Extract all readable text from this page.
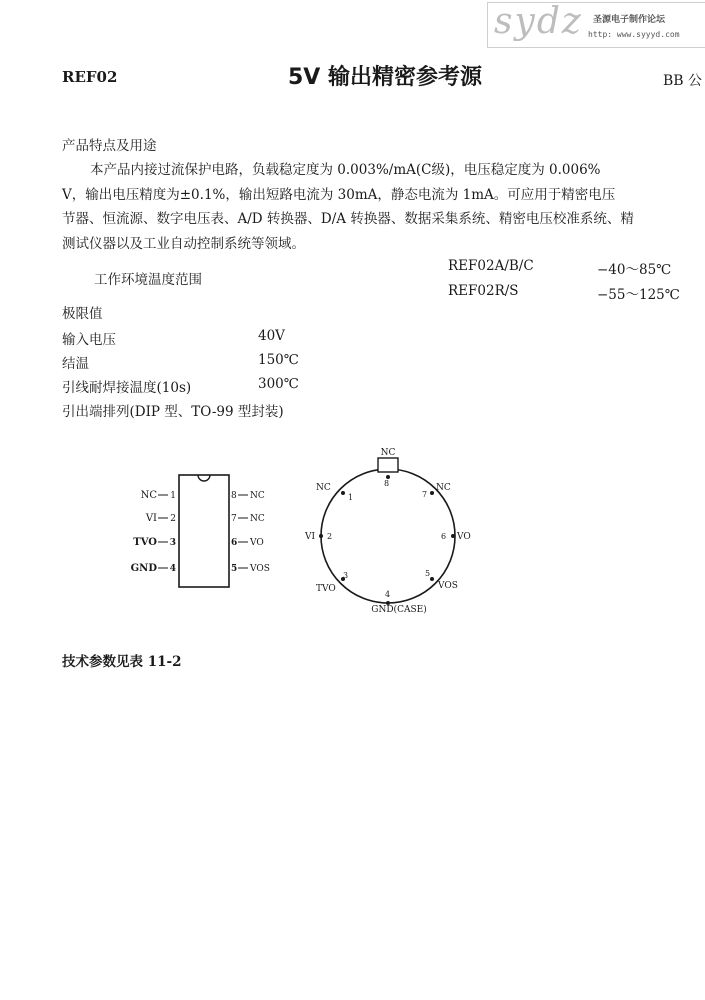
sydz 圣源电子制作论坛
http: www.syyyd.com
REF02	5V 输出精密参考源	BB 公
产品特点及用途
本产品内接过流保护电路，负载稳定度为 0.003%/mA(C级)，电压稳定度为 0.006%
V，输出电压精度为±0.1%，输出短路电流为 30mA，静态电流为 1mA。可应用于精密电压
节器、恒流源、数字电压表、A/D 转换器、D/A 转换器、数据采集系统、精密电压校准系统、精
测试仪器以及工业自动控制系统等领域。
工作环境温度范围
REF02A/B/C	−40～85℃
REF02R/S	−55～125℃
极限值
输入电压	40V
结温	150℃
引线耐焊接温度(10s)	300℃
引出端排列(DIP 型、TO-99 型封装)
NC 1
VI 2
TVO 3
GND 4
8 NC
7 NC
6 VO
5 VOS
NC
8
NC
1
VI 2
TVO
3
4
GND(CASE)
5
VOS
6 VO
7
NC
技术参数见表 11-2
